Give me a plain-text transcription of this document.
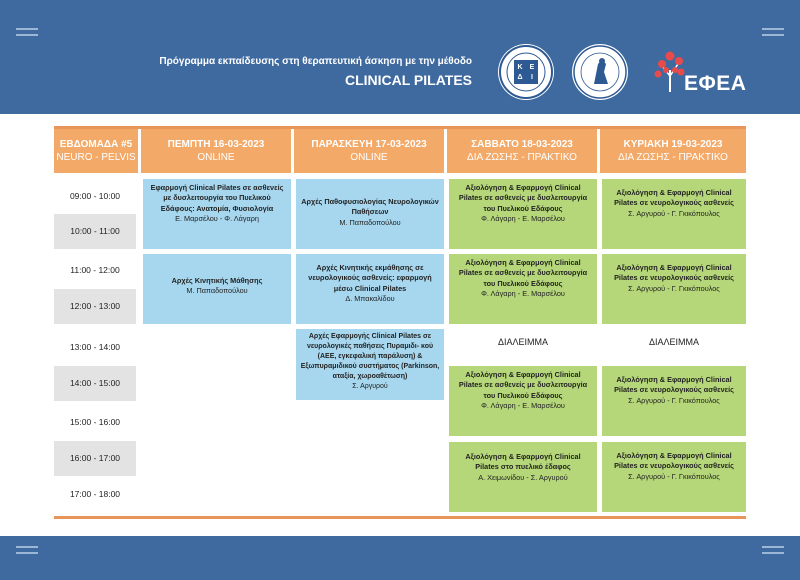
Πρόγραμμα εκπαίδευσης στη θεραπευτική άσκηση με την μέθοδο
CLINICAL PILATES
Κ Ε
Δ Ι	ΕΦΕΑ
ΕΒΔΟΜΑΔΑ #5
NEURO - PELVIS
ΠΕΜΠΤΗ 16-03-2023
ONLINE
ΠΑΡΑΣΚΕΥΗ 17-03-2023
ONLINE
ΣΑΒΒΑΤΟ 18-03-2023
ΔΙΑ ΖΩΣΗΣ - ΠΡΑΚΤΙΚΟ
ΚΥΡΙΑΚΗ 19-03-2023
ΔΙΑ ΖΩΣΗΣ - ΠΡΑΚΤΙΚΟ
09:00 - 10:00
10:00 - 11:00
11:00 - 12:00
12:00 - 13:00
13:00 - 14:00
14:00 - 15:00
15:00 - 16:00
16:00 - 17:00
17:00 - 18:00
Εφαρμογή Clinical Pilates σε ασθενείς με δυσλειτουργία του Πυελικού Εδάφους: Ανατομία, Φυσιολογία
Ε. Μαρσέλου - Φ. Λάγαρη
Αρχές Κινητικής Μάθησης
Μ. Παπαδοπούλου
Αρχές Παθοφυσιολογίας Νευρολογικών Παθήσεων
Μ. Παπαδοπούλου
Αρχές Κινητικής εκμάθησης σε νευρολογικούς ασθενείς: εφαρμογή μέσω Clinical Pilates
Δ. Μπακαλίδου
Αρχές Εφαρμογής Clinical Pilates σε νευρολογικές παθήσεις Πυραμιδι- κού (ΑΕΕ, εγκεφαλική παράλυση) & Εξωπυραμιδικού συστήματος (Parkinson, αταξία, χωροαθέτωση)
Σ. Αργυρού
Αξιολόγηση & Εφαρμογή Clinical Pilates σε ασθενείς με δυσλειτουργία του Πυελικού Εδάφους
Φ. Λάγαρη - Ε. Μαρσέλου
Αξιολόγηση & Εφαρμογή Clinical Pilates σε ασθενείς με δυσλειτουργία του Πυελικού Εδάφους
Φ. Λάγαρη - Ε. Μαρσέλου
ΔΙΑΛΕΙΜΜΑ
Αξιολόγηση & Εφαρμογή Clinical Pilates σε ασθενείς με δυσλειτουργία του Πυελικού Εδάφους
Φ. Λάγαρη - Ε. Μαρσέλου
Αξιολόγηση & Εφαρμογή Clinical Pilates στο πυελικό έδαφος
Α. Χειμωνίδου - Σ. Αργυρού
Αξιολόγηση & Εφαρμογή Clinical Pilates σε νευρολογικούς ασθενείς
Σ. Αργυρού - Γ. Γκικόπουλος
Αξιολόγηση & Εφαρμογή Clinical Pilates σε νευρολογικούς ασθενείς
Σ. Αργυρού - Γ. Γκικόπουλος
ΔΙΑΛΕΙΜΜΑ
Αξιολόγηση & Εφαρμογή Clinical Pilates σε νευρολογικούς ασθενείς
Σ. Αργυρού - Γ. Γκικόπουλος
Αξιολόγηση & Εφαρμογή Clinical Pilates σε νευρολογικούς ασθενείς
Σ. Αργυρού - Γ. Γκικόπουλος
